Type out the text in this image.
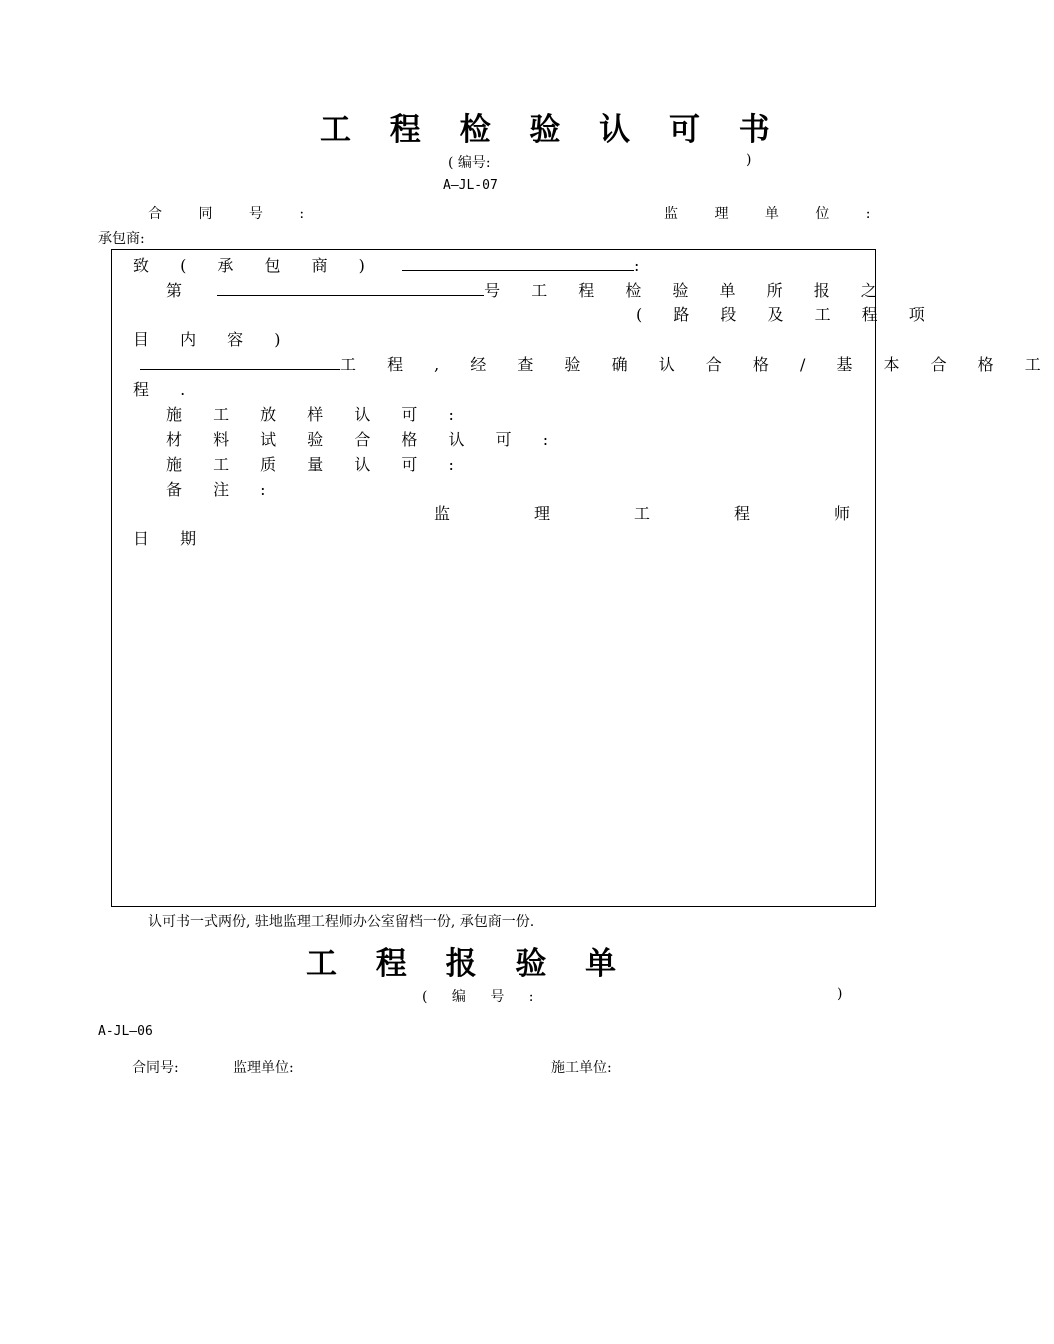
工 程 检 验 认 可 书
( 编号:	)
A—JL-07
合 同 号 :	监 理 单 位 :
承包商:
致 ( 承 包 商 )	:
第	号 工 程 检 验 单 所 报 之
( 路 段 及 工 程 项
目 内 容 )
工 程 , 经 查 验 确 认 合 格 / 基 本 合 格 工
程 .
施 工 放 样 认 可 :
材 料 试 验 合 格 认 可 :
施 工 质 量 认 可 :
备 注 :
监	理	工	程	师
日 期
认可书一式两份, 驻地监理工程师办公室留档一份, 承包商一份.
工 程 报 验 单
( 编 号 :	)
A-JL—06
合同号:	监理单位:	施工单位:
